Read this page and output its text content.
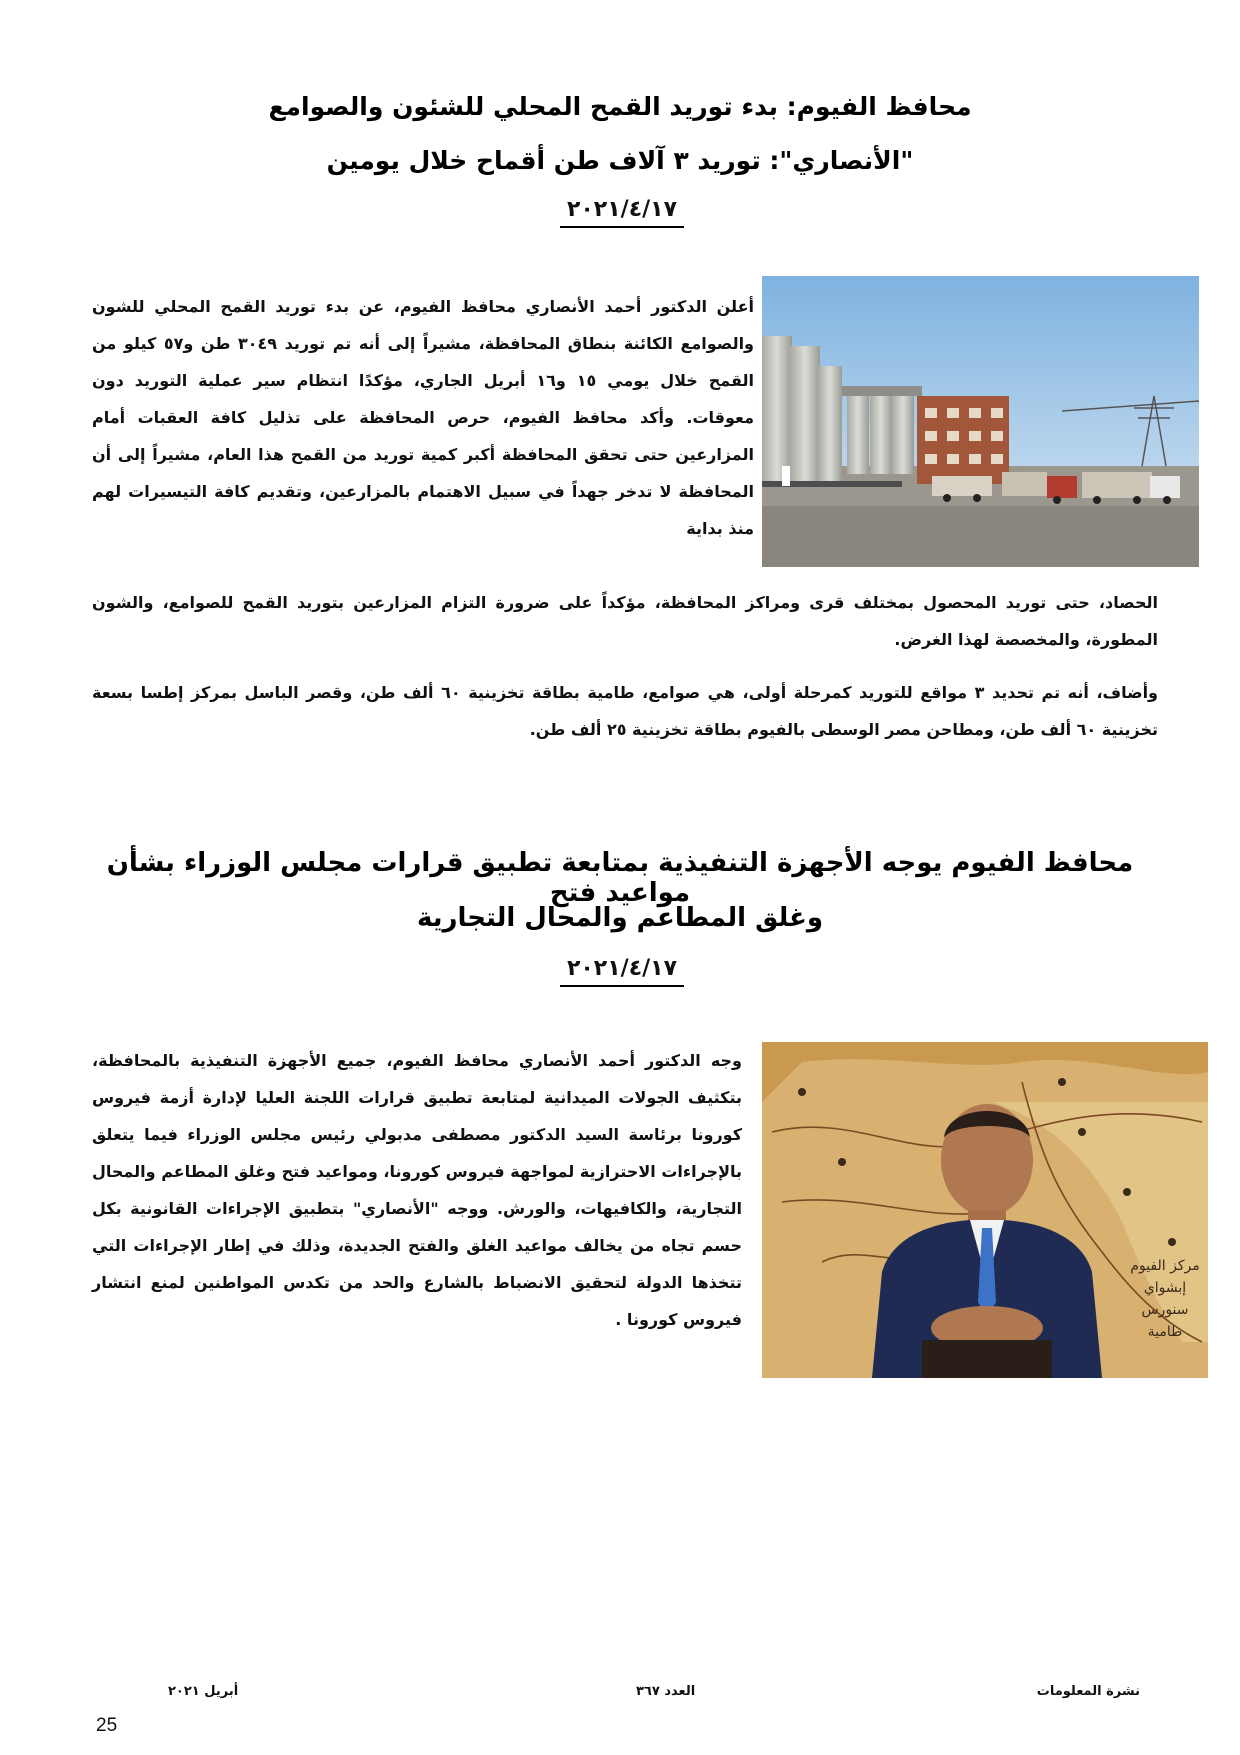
محافظ الفيوم: بدء توريد القمح المحلي للشئون والصوامع
"الأنصاري": توريد ٣ آلاف طن أقماح خلال يومين
٢٠٢١/٤/١٧
أعلن الدكتور أحمد الأنصاري محافظ الفيوم، عن بدء توريد القمح المحلي للشون والصوامع الكائنة بنطاق المحافظة، مشيراً إلى أنه تم توريد ٣٠٤٩ طن و٥٧ كيلو من القمح خلال يومي ١٥ و١٦ أبريل الجاري، مؤكدًا انتظام سير عملية التوريد دون معوقات. وأكد محافظ الفيوم، حرص المحافظة على تذليل كافة العقبات أمام المزارعين حتى تحقق المحافظة أكبر كمية توريد من القمح هذا العام، مشيراً إلى أن المحافظة لا تدخر جهداً في سبيل الاهتمام بالمزارعين، وتقديم كافة التيسيرات لهم منذ بداية
الحصاد، حتى توريد المحصول بمختلف قرى ومراكز المحافظة، مؤكداً على ضرورة التزام المزارعين بتوريد القمح للصوامع، والشون المطورة، والمخصصة لهذا الغرض.
وأضاف، أنه تم تحديد ٣ مواقع للتوريد كمرحلة أولى، هي صوامع، طامية بطاقة تخزينية ٦٠ ألف طن، وقصر الباسل بمركز إطسا بسعة تخزينية ٦٠ ألف طن، ومطاحن مصر الوسطى بالفيوم بطاقة تخزينية ٢٥ ألف طن.
محافظ الفيوم يوجه الأجهزة التنفيذية بمتابعة تطبيق قرارات مجلس الوزراء بشأن مواعيد فتح
وغلق المطاعم والمحال التجارية
٢٠٢١/٤/١٧
مركز الفيوم
إبشواي
سنورس
طامية
وجه الدكتور أحمد الأنصاري محافظ الفيوم، جميع الأجهزة التنفيذية بالمحافظة، بتكثيف الجولات الميدانية لمتابعة تطبيق قرارات اللجنة العليا لإدارة أزمة فيروس كورونا برئاسة السيد الدكتور مصطفى مدبولي رئيس مجلس الوزراء فيما يتعلق بالإجراءات الاحترازية لمواجهة فيروس كورونا، ومواعيد فتح وغلق المطاعم والمحال التجارية، والكافيهات، والورش. ووجه "الأنصاري" بتطبيق الإجراءات القانونية بكل حسم تجاه من يخالف مواعيد الغلق والفتح الجديدة، وذلك في إطار الإجراءات التي تتخذها الدولة لتحقيق الانضباط بالشارع والحد من تكدس المواطنين لمنع انتشار فيروس كورونا .
نشرة المعلومات
العدد ٣٦٧
أبريل ٢٠٢١
25
